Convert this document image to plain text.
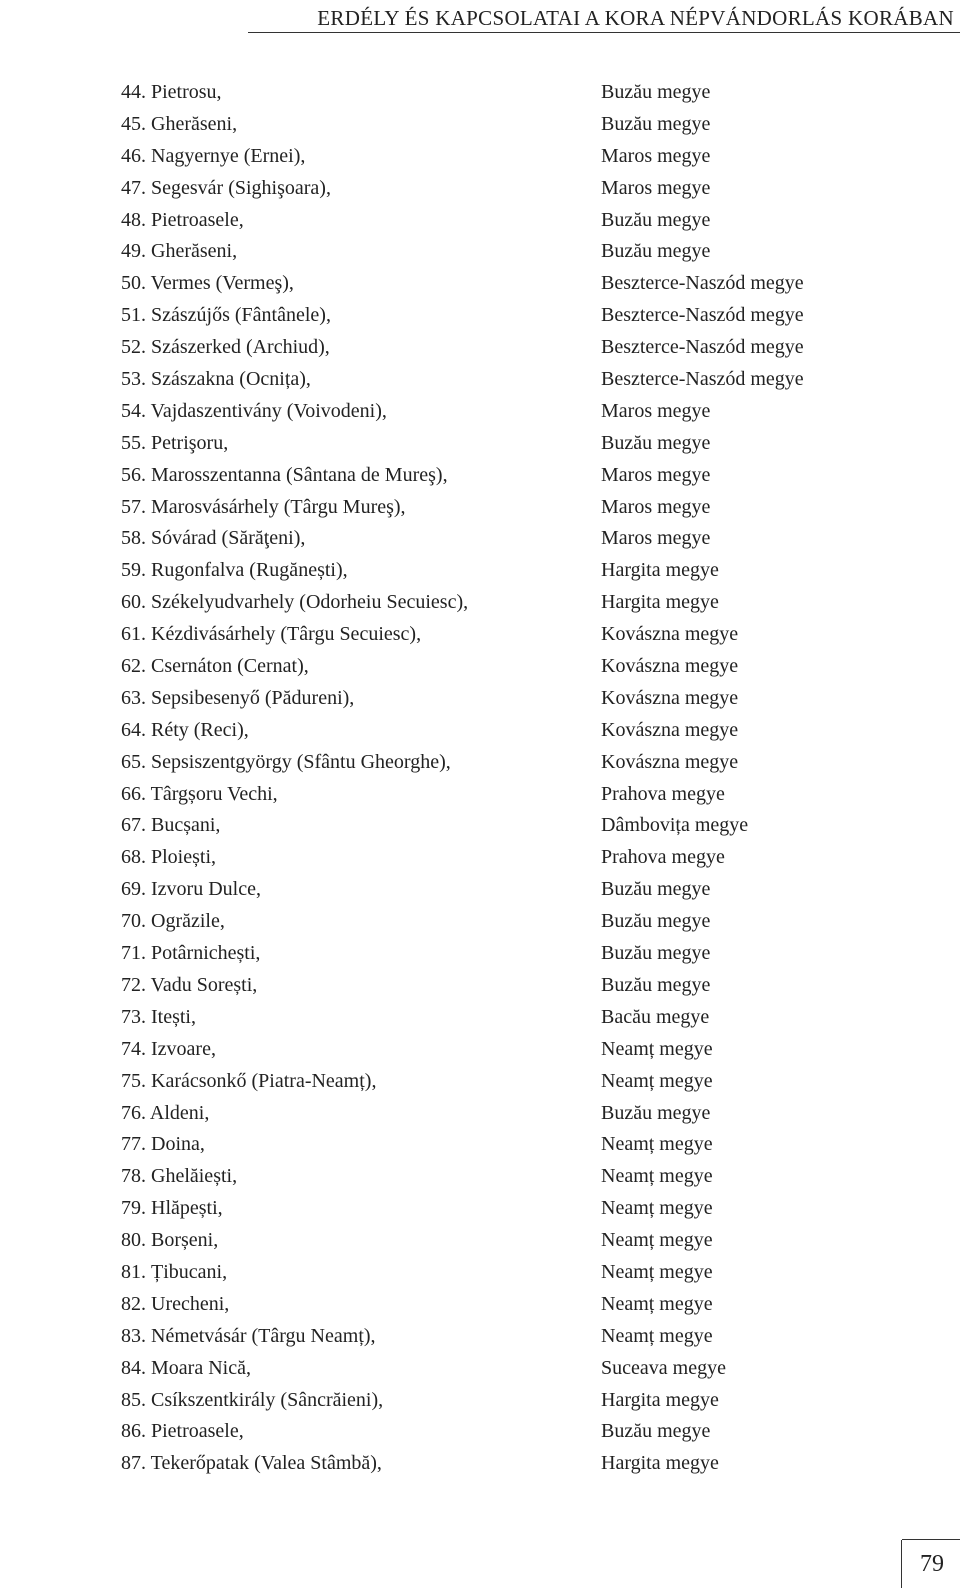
ERDÉLY ÉS KAPCSOLATAI A KORA NÉPVÁNDORLÁS KORÁBAN
44. Pietrosu,	Buzău megye
45. Gherăseni,	Buzău megye
46. Nagyernye (Ernei),	Maros megye
47. Segesvár (Sighişoara),	Maros megye
48. Pietroasele,	Buzău megye
49. Gherăseni,	Buzău megye
50. Vermes (Vermeş),	Beszterce-Naszód megye
51. Szászújős (Fântânele),	Beszterce-Naszód megye
52. Szászerked (Archiud),	Beszterce-Naszód megye
53. Szászakna (Ocnița),	Beszterce-Naszód megye
54. Vajdaszentivány (Voivodeni),	Maros megye
55. Petrişoru,	Buzău megye
56. Marosszentanna (Sântana de Mureş),	Maros megye
57. Marosvásárhely (Târgu Mureş),	Maros megye
58. Sóvárad (Sărăţeni),	Maros megye
59. Rugonfalva (Rugănești),	Hargita megye
60. Székelyudvarhely (Odorheiu Secuiesc),	Hargita megye
61. Kézdivásárhely (Târgu Secuiesc),	Kovászna megye
62. Csernáton (Cernat),	Kovászna megye
63. Sepsibesenyő (Pădureni),	Kovászna megye
64. Réty (Reci),	Kovászna megye
65. Sepsiszentgyörgy (Sfântu Gheorghe),	Kovászna megye
66. Târgșoru Vechi,	Prahova megye
67. Bucșani,	Dâmbovița megye
68. Ploiești,	Prahova megye
69. Izvoru Dulce,	Buzău megye
70. Ogrăzile,	Buzău megye
71. Potârnichești,	Buzău megye
72. Vadu Sorești,	Buzău megye
73. Itești,	Bacău megye
74. Izvoare,	Neamț megye
75. Karácsonkő (Piatra-Neamț),	Neamț megye
76. Aldeni,	Buzău megye
77. Doina,	Neamț megye
78. Ghelăiești,	Neamț megye
79. Hlăpești,	Neamț megye
80. Borșeni,	Neamț megye
81. Țibucani,	Neamț megye
82. Urecheni,	Neamț megye
83. Németvásár (Târgu Neamț),	Neamț megye
84. Moara Nică,	Suceava megye
85. Csíkszentkirály (Sâncrăieni),	Hargita megye
86. Pietroasele,	Buzău megye
87. Tekerőpatak (Valea Stâmbă),	Hargita megye
79
